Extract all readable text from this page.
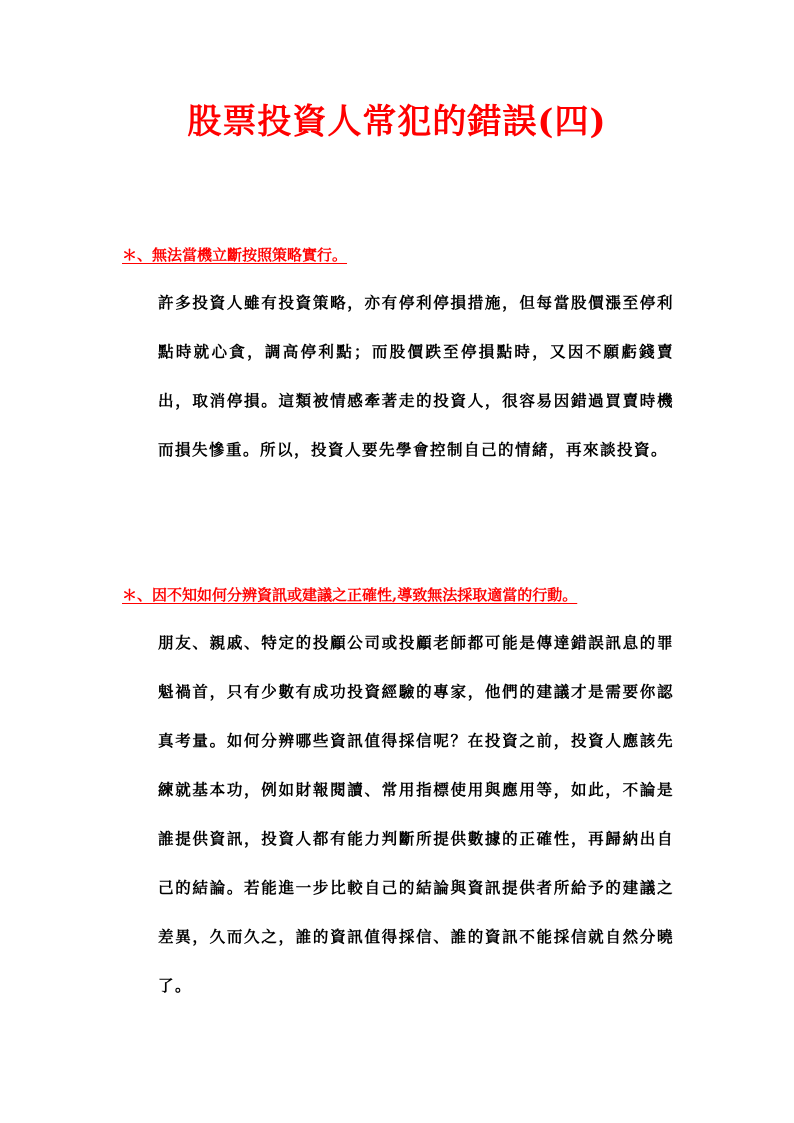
股票投資人常犯的錯誤(四)
＊、無法當機立斷按照策略實行。

許多投資人雖有投資策略，亦有停利停損措施，但每當股價漲至停利點時就心貪，調高停利點；而股價跌至停損點時，又因不願虧錢賣出，取消停損。這類被情感牽著走的投資人，很容易因錯過買賣時機而損失慘重。所以，投資人要先學會控制自己的情緒，再來談投資。

＊、因不知如何分辨資訊或建議之正確性,導致無法採取適當的行動。

朋友、親戚、特定的投顧公司或投顧老師都可能是傳達錯誤訊息的罪魁禍首，只有少數有成功投資經驗的專家，他們的建議才是需要你認真考量。如何分辨哪些資訊值得採信呢？在投資之前，投資人應該先練就基本功，例如財報閱讀、常用指標使用與應用等，如此，不論是誰提供資訊，投資人都有能力判斷所提供數據的正確性，再歸納出自己的結論。若能進一步比較自己的結論與資訊提供者所給予的建議之差異，久而久之，誰的資訊值得採信、誰的資訊不能採信就自然分曉了。
